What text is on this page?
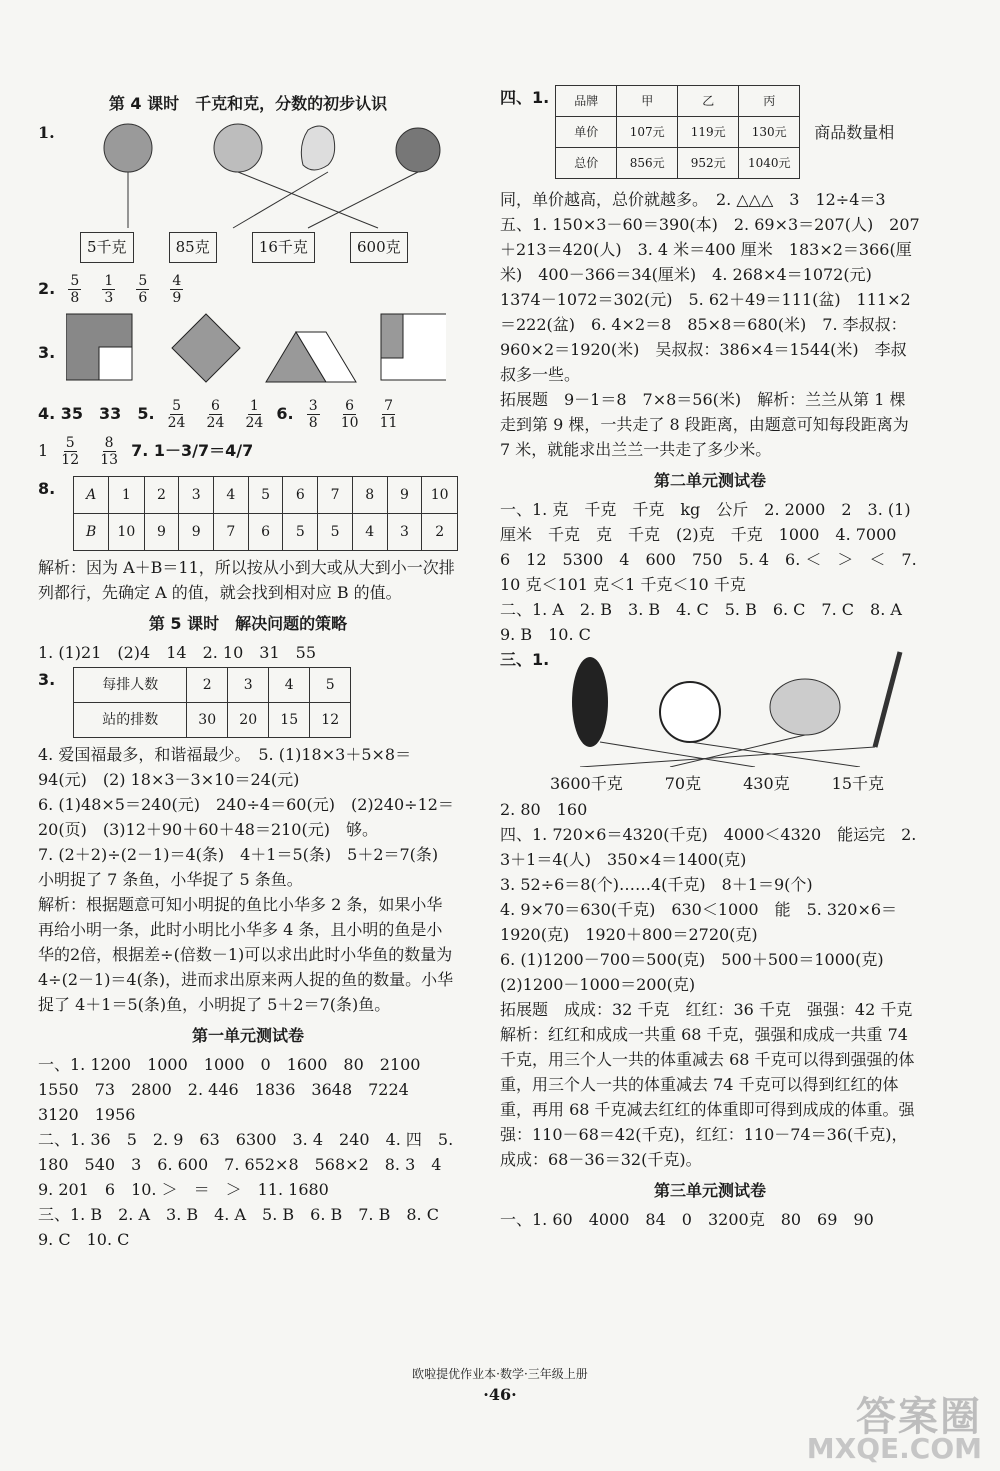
第 4 课时　千克和克，分数的初步认识
1.
5千克	85克	16千克	600克
2. $\frac{5}{8}$
$\frac{1}{3}$
$\frac{5}{6}$
$\frac{4}{9}$
3.
4. 35　33　5. $\frac{5}{24}$
$\frac{6}{24}$
$\frac{1}{24} 6$. $\frac{3}{8}$
$\frac{6}{10}$
$\frac{7}{11}$
$1 \frac{5}{12}$
$\frac{8}{13} 7$. 1－3/7＝4/7
8. A	1	2	3	4	5	6	7	8	9	10
B	10	9	9	7	6	5	5	4	3	2

解析：因为 A＋B＝11，所以按从小到大或从大到小一次排列都行，先确定 A 的值，就会找到相对应 B 的值。

第 5 课时　解决问题的策略

1. (1)21　(2)4　14　2. 10　31　55

3.	每排人数	2	3	4	5
站的排数	30	20	15	12

4. 爱国福最多，和谐福最少。　5. (1)18×3＋5×8＝94(元)　(2) 18×3－3×10＝24(元)
6. (1)48×5＝240(元)　240÷4＝60(元)　(2)240÷12＝20(页)　(3)12＋90＋60＋48＝210(元)　够。
7. (2＋2)÷(2－1)＝4(条)　4＋1＝5(条)　5＋2＝7(条)　小明捉了 7 条鱼，小华捉了 5 条鱼。
解析：根据题意可知小明捉的鱼比小华多 2 条，如果小华再给小明一条，此时小明比小华多 4 条，且小明的鱼是小华的2倍，根据差÷(倍数－1)可以求出此时小华鱼的数量为 4÷(2－1)＝4(条)，进而求出原来两人捉的鱼的数量。小华捉了 4＋1＝5(条)鱼，小明捉了 5＋2＝7(条)鱼。

第一单元测试卷

一、1. 1200　1000　1000　0　1600　80　2100　1550　73　2800　2. 446　1836　3648　7224　3120　1956
二、1. 36　5　2. 9　63　6300　3. 4　240　4. 四　5. 180　540　3　6. 600　7. 652×8　568×2　8. 3　4　9. 201　6　10. ＞　＝　＞　11. 1680
三、1. B　2. A　3. B　4. A　5. B　6. B　7. B　8. C　9. C　10. C

四、1. 品牌	甲	乙	丙
单价	107元	119元	130元
总价	856元	952元	1040元
商品数量相

同，单价越高，总价就越多。　2. △△△　3　12÷4＝3
五、1. 150×3－60＝390(本)　2. 69×3＝207(人)　207＋213＝420(人)　3. 4 米＝400 厘米　183×2＝366(厘米)　400－366＝34(厘米)　4. 268×4＝1072(元)　1374－1072＝302(元)　5. 62＋49＝111(盆)　111×2＝222(盆)　6. 4×2＝8　85×8＝680(米)　7. 李叔叔：960×2＝1920(米)　吴叔叔：386×4＝1544(米)　李叔叔多一些。
拓展题　9－1＝8　7×8＝56(米)　解析：兰兰从第 1 棵走到第 9 棵，一共走了 8 段距离，由题意可知每段距离为 7 米，就能求出兰兰一共走了多少米。

第二单元测试卷

一、1. 克　千克　千克　kg　公斤　2. 2000　2　3. (1)厘米　千克　克　千克　(2)克　千克　1000　4. 7000　6　12　5300　4　600　750　5. 4　6. ＜　＞　＜　7. 10 克＜101 克＜1 千克＜10 千克
二、1. A　2. B　3. B　4. C　5. B　6. C　7. C　8. A　9. B　10. C

三、1.
3600千克	70克	430克	15千克

2. 80　160
四、1. 720×6＝4320(千克)　4000＜4320　能运完　2. 3＋1＝4(人)　350×4＝1400(克)
3. 52÷6＝8(个)……4(千克)　8＋1＝9(个)
4. 9×70＝630(千克)　630＜1000　能　5. 320×6＝1920(克)　1920＋800＝2720(克)
6. (1)1200－700＝500(克)　500＋500＝1000(克)　(2)1200－1000＝200(克)
拓展题　成成：32 千克　红红：36 千克　强强：42 千克　解析：红红和成成一共重 68 千克，强强和成成一共重 74 千克，用三个人一共的体重减去 68 千克可以得到强强的体重，用三个人一共的体重减去 74 千克可以得到红红的体重，再用 68 千克减去红红的体重即可得到成成的体重。强强：110－68＝42(千克)，红红：110－74＝36(千克)，成成：68－36＝32(千克)。

第三单元测试卷

一、1. 60　4000　84　0　3200克　80　69　90

欧啦提优作业本·数学·三年级上册
·46·	答案圈
MXQE.COM
